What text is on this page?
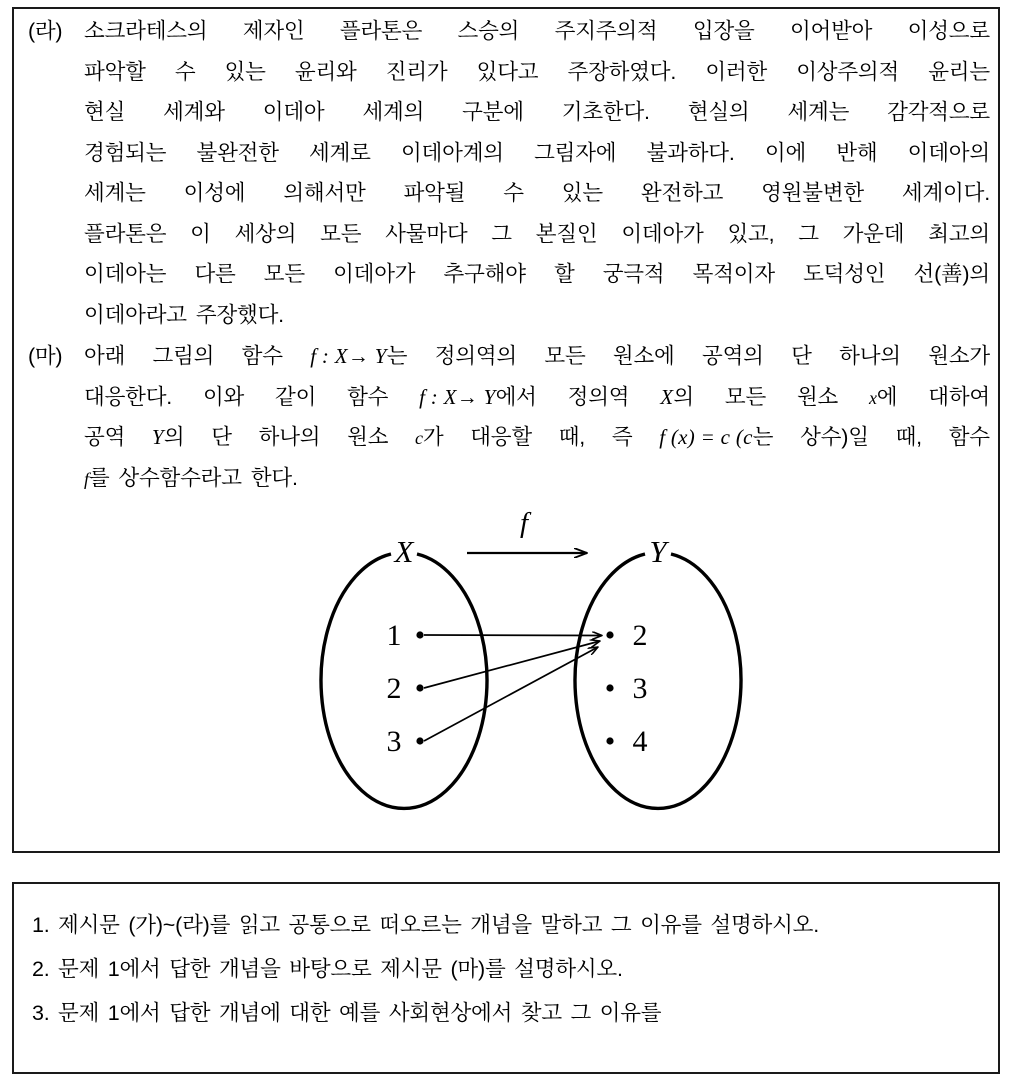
(라)	소크라테스의 제자인 플라톤은 스승의 주지주의적 입장을 이어받아 이성으로
파악할 수 있는 윤리와 진리가 있다고 주장하였다. 이러한 이상주의적 윤리는
현실 세계와 이데아 세계의 구분에 기초한다. 현실의 세계는 감각적으로
경험되는 불완전한 세계로 이데아계의 그림자에 불과하다. 이에 반해 이데아의
세계는 이성에 의해서만 파악될 수 있는 완전하고 영원불변한 세계이다.
플라톤은 이 세상의 모든 사물마다 그 본질인 이데아가 있고, 그 가운데 최고의
이데아는 다른 모든 이데아가 추구해야 할 궁극적 목적이자 도덕성인 선(善)의
이데아라고 주장했다.
(마)	아래 그림의 함수 f : X→ Y는 정의역의 모든 원소에 공역의 단 하나의 원소가
대응한다. 이와 같이 함수 f : X→ Y에서 정의역 X의 모든 원소 x에 대하여
공역 Y의 단 하나의 원소 c가 대응할 때, 즉 f (x) = c (c는 상수)일 때, 함수
f를 상수함수라고 한다.
X	Y
f
1
2
3
2
3
4
1. 제시문 (가)~(라)를 읽고 공통으로 떠오르는 개념을 말하고 그 이유를 설명하시오.
2. 문제 1에서 답한 개념을 바탕으로 제시문 (마)를 설명하시오.
3. 문제 1에서 답한 개념에 대한 예를 사회현상에서 찾고 그 이유를
